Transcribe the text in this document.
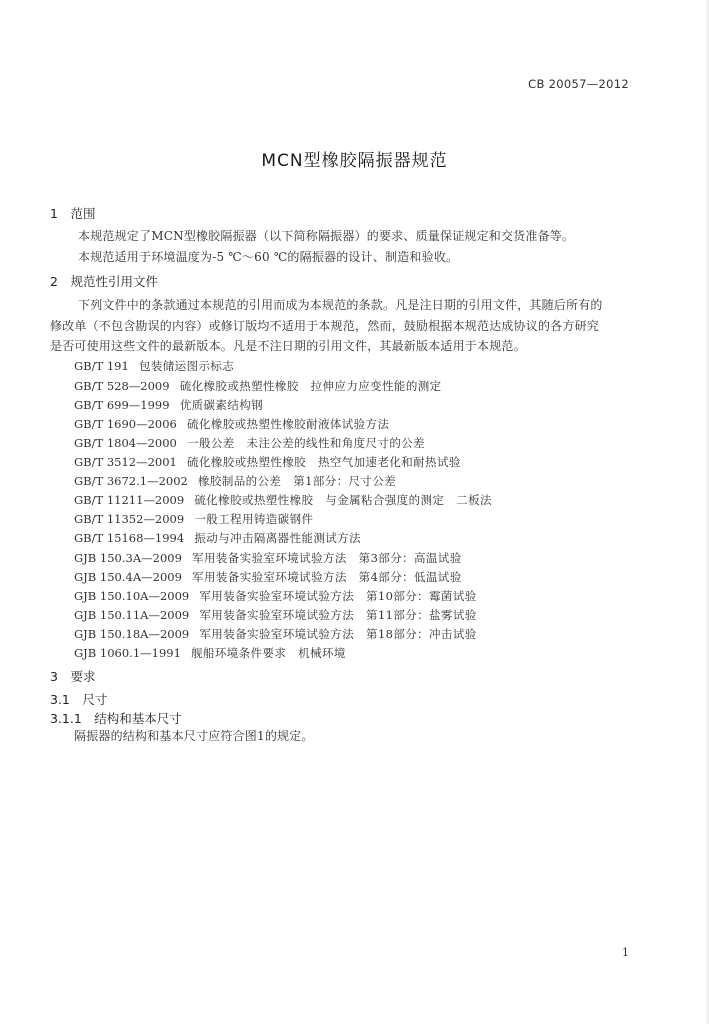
CB 20057—2012
MCN型橡胶隔振器规范
1　范围
本规范规定了MCN型橡胶隔振器（以下简称隔振器）的要求、质量保证规定和交货准备等。
本规范适用于环境温度为-5 ℃～60 ℃的隔振器的设计、制造和验收。
2　规范性引用文件
下列文件中的条款通过本规范的引用而成为本规范的条款。凡是注日期的引用文件，其随后所有的
修改单（不包含勘误的内容）或修订版均不适用于本规范，然而，鼓励根据本规范达成协议的各方研究
是否可使用这些文件的最新版本。凡是不注日期的引用文件，其最新版本适用于本规范。
GB/T 191 包装储运图示标志
GB/T 528—2009 硫化橡胶或热塑性橡胶　拉伸应力应变性能的测定
GB/T 699—1999 优质碳素结构钢
GB/T 1690—2006 硫化橡胶或热塑性橡胶耐液体试验方法
GB/T 1804—2000 一般公差　未注公差的线性和角度尺寸的公差
GB/T 3512—2001 硫化橡胶或热塑性橡胶　热空气加速老化和耐热试验
GB/T 3672.1—2002 橡胶制品的公差　第1部分：尺寸公差
GB/T 11211—2009 硫化橡胶或热塑性橡胶　与金属粘合强度的测定　二板法
GB/T 11352—2009 一般工程用铸造碳钢件
GB/T 15168—1994 振动与冲击隔离器性能测试方法
GJB 150.3A—2009 军用装备实验室环境试验方法　第3部分：高温试验
GJB 150.4A—2009 军用装备实验室环境试验方法　第4部分：低温试验
GJB 150.10A—2009 军用装备实验室环境试验方法　第10部分：霉菌试验
GJB 150.11A—2009 军用装备实验室环境试验方法　第11部分：盐雾试验
GJB 150.18A—2009 军用装备实验室环境试验方法　第18部分：冲击试验
GJB 1060.1—1991 舰船环境条件要求　机械环境
3　要求
3.1　尺寸
3.1.1　结构和基本尺寸
隔振器的结构和基本尺寸应符合图1的规定。
1
